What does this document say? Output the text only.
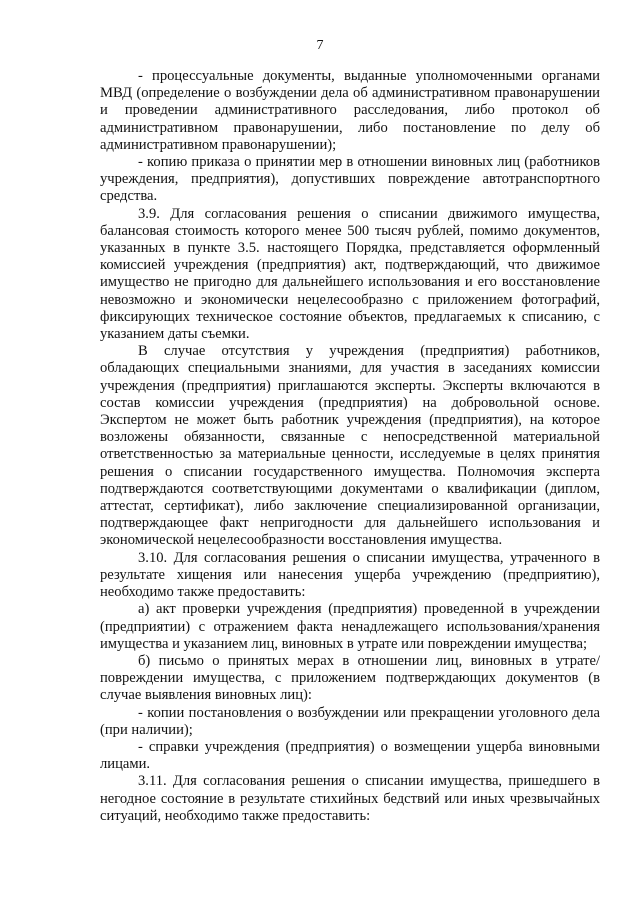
7

- процессуальные документы, выданные уполномоченными органами МВД (определение о возбуждении дела об административном правонарушении и проведении административного расследования, либо протокол об административном правонарушении, либо постановление по делу об административном правонарушении);

- копию приказа о принятии мер в отношении виновных лиц (работников учреждения, предприятия), допустивших повреждение автотранспортного средства.

3.9. Для согласования решения о списании движимого имущества, балансовая стоимость которого менее 500 тысяч рублей, помимо документов, указанных в пункте 3.5. настоящего Порядка, представляется оформленный комиссией учреждения (предприятия) акт, подтверждающий, что движимое имущество не пригодно для дальнейшего использования и его восстановление невозможно и экономически нецелесообразно с приложением фотографий, фиксирующих техническое состояние объектов, предлагаемых к списанию, с указанием даты съемки.

В случае отсутствия у учреждения (предприятия) работников, обладающих специальными знаниями, для участия в заседаниях комиссии учреждения (предприятия) приглашаются эксперты. Эксперты включаются в состав комиссии учреждения (предприятия) на добровольной основе. Экспертом не может быть работник учреждения (предприятия), на которое возложены обязанности, связанные с непосредственной материальной ответственностью за материальные ценности, исследуемые в целях принятия решения о списании государственного имущества. Полномочия эксперта подтверждаются соответствующими документами о квалификации (диплом, аттестат, сертификат), либо заключение специализированной организации, подтверждающее факт непригодности для дальнейшего использования и экономической нецелесообразности восстановления имущества.

3.10. Для согласования решения о списании имущества, утраченного в результате хищения или нанесения ущерба учреждению (предприятию), необходимо также предоставить:

а) акт проверки учреждения (предприятия) проведенной в учреждении (предприятии) с отражением факта ненадлежащего использования/хранения имущества и указанием лиц, виновных в утрате или повреждении имущества;

б) письмо о принятых мерах в отношении лиц, виновных в утрате/повреждении имущества, с приложением подтверждающих документов (в случае выявления виновных лиц):

- копии постановления о возбуждении или прекращении уголовного дела (при наличии);

- справки учреждения (предприятия) о возмещении ущерба виновными лицами.

3.11. Для согласования решения о списании имущества, пришедшего в негодное состояние в результате стихийных бедствий или иных чрезвычайных ситуаций, необходимо также предоставить:
